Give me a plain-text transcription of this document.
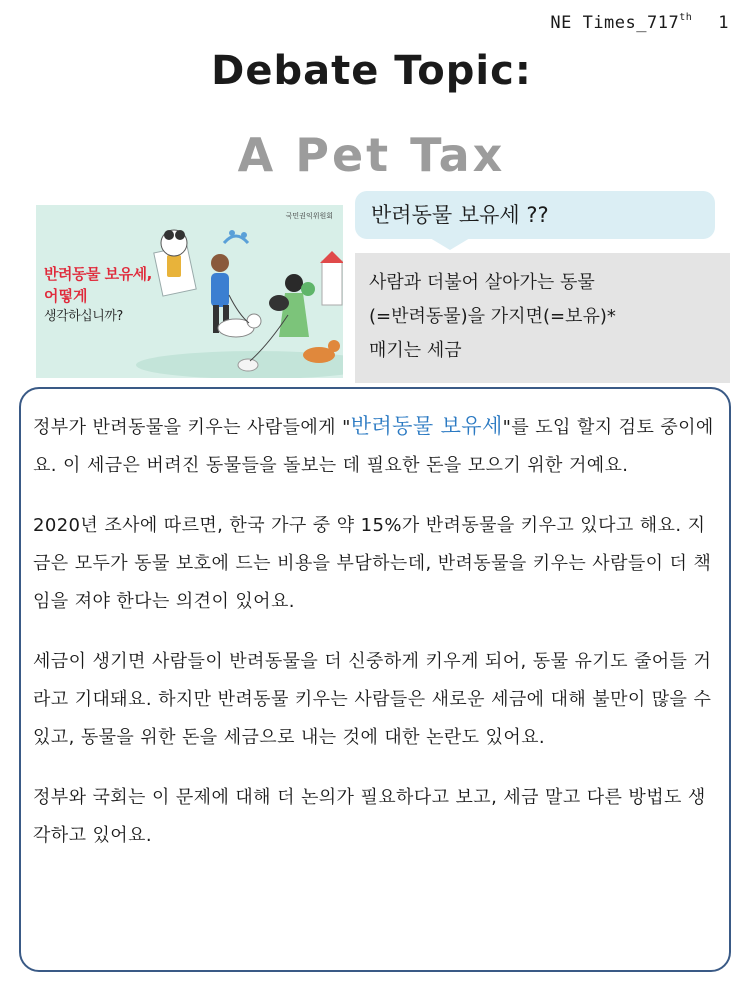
NE Times_717th 1
Debate Topic:
A Pet Tax
국민권익위원회
반려동물 보유세,
어떻게
생각하십니까?
반려동물 보유세 ??
사람과 더불어 살아가는 동물
(=반려동물)을 가지면(=보유)*
매기는 세금

정부가 반려동물을 키우는 사람들에게 "반려동물 보유세"를 도입 할지 검토 중이에요. 이 세금은 버려진 동물들을 돌보는 데 필요한 돈을 모으기 위한 거예요.

2020년 조사에 따르면, 한국 가구 중 약 15%가 반려동물을 키우고 있다고 해요. 지금은 모두가 동물 보호에 드는 비용을 부담하는데, 반려동물을 키우는 사람들이 더 책임을 져야 한다는 의견이 있어요.

세금이 생기면 사람들이 반려동물을 더 신중하게 키우게 되어, 동물 유기도 줄어들 거라고 기대돼요. 하지만 반려동물 키우는 사람들은 새로운 세금에 대해 불만이 많을 수 있고, 동물을 위한 돈을 세금으로 내는 것에 대한 논란도 있어요.

정부와 국회는 이 문제에 대해 더 논의가 필요하다고 보고, 세금 말고 다른 방법도 생각하고 있어요.
